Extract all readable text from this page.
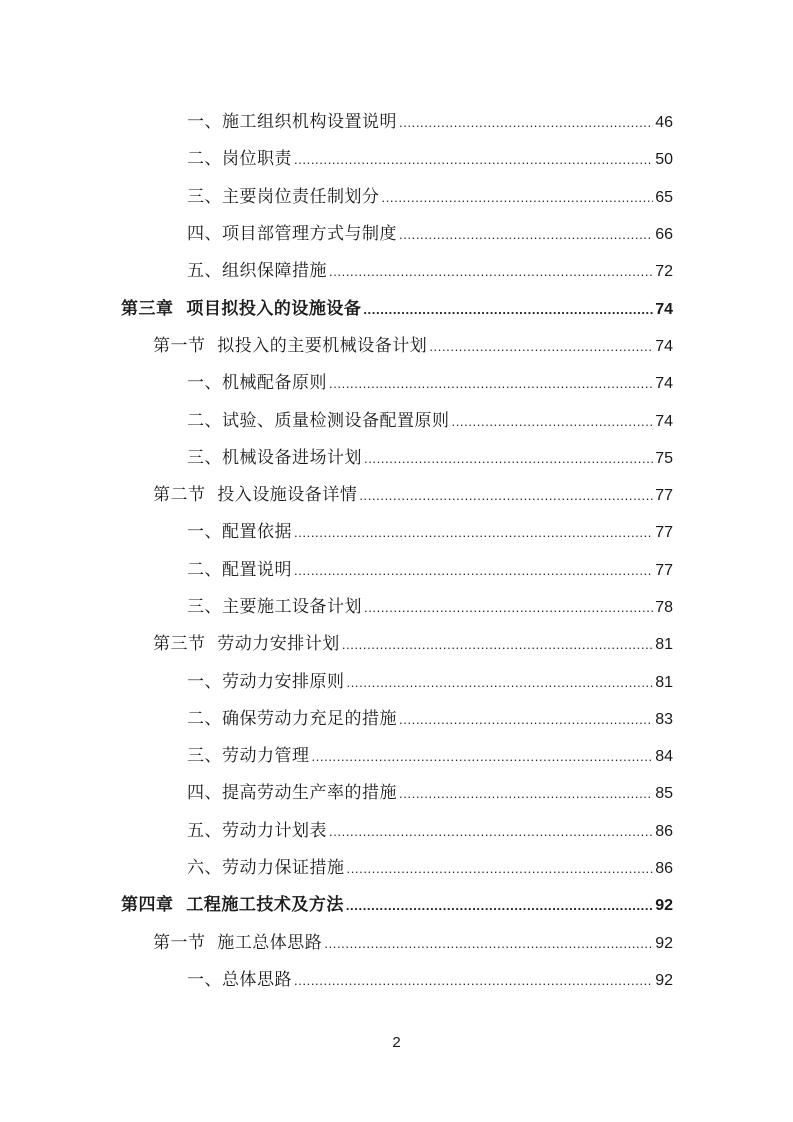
一、施工组织机构设置说明 .....	46
二、岗位职责 .....	50
三、主要岗位责任制划分 .....	65
四、项目部管理方式与制度 .....	66
五、组织保障措施 .....	72
第三章  项目拟投入的设施设备 .....	74
第一节  拟投入的主要机械设备计划 .....	74
一、机械配备原则 .....	74
二、试验、质量检测设备配置原则 .....	74
三、机械设备进场计划 .....	75
第二节  投入设施设备详情 .....	77
一、配置依据 .....	77
二、配置说明 .....	77
三、主要施工设备计划 .....	78
第三节  劳动力安排计划 .....	81
一、劳动力安排原则 .....	81
二、确保劳动力充足的措施 .....	83
三、劳动力管理 .....	84
四、提高劳动生产率的措施 .....	85
五、劳动力计划表 .....	86
六、劳动力保证措施 .....	86
第四章  工程施工技术及方法 .....	92
第一节  施工总体思路 .....	92
一、总体思路 .....	92
2
